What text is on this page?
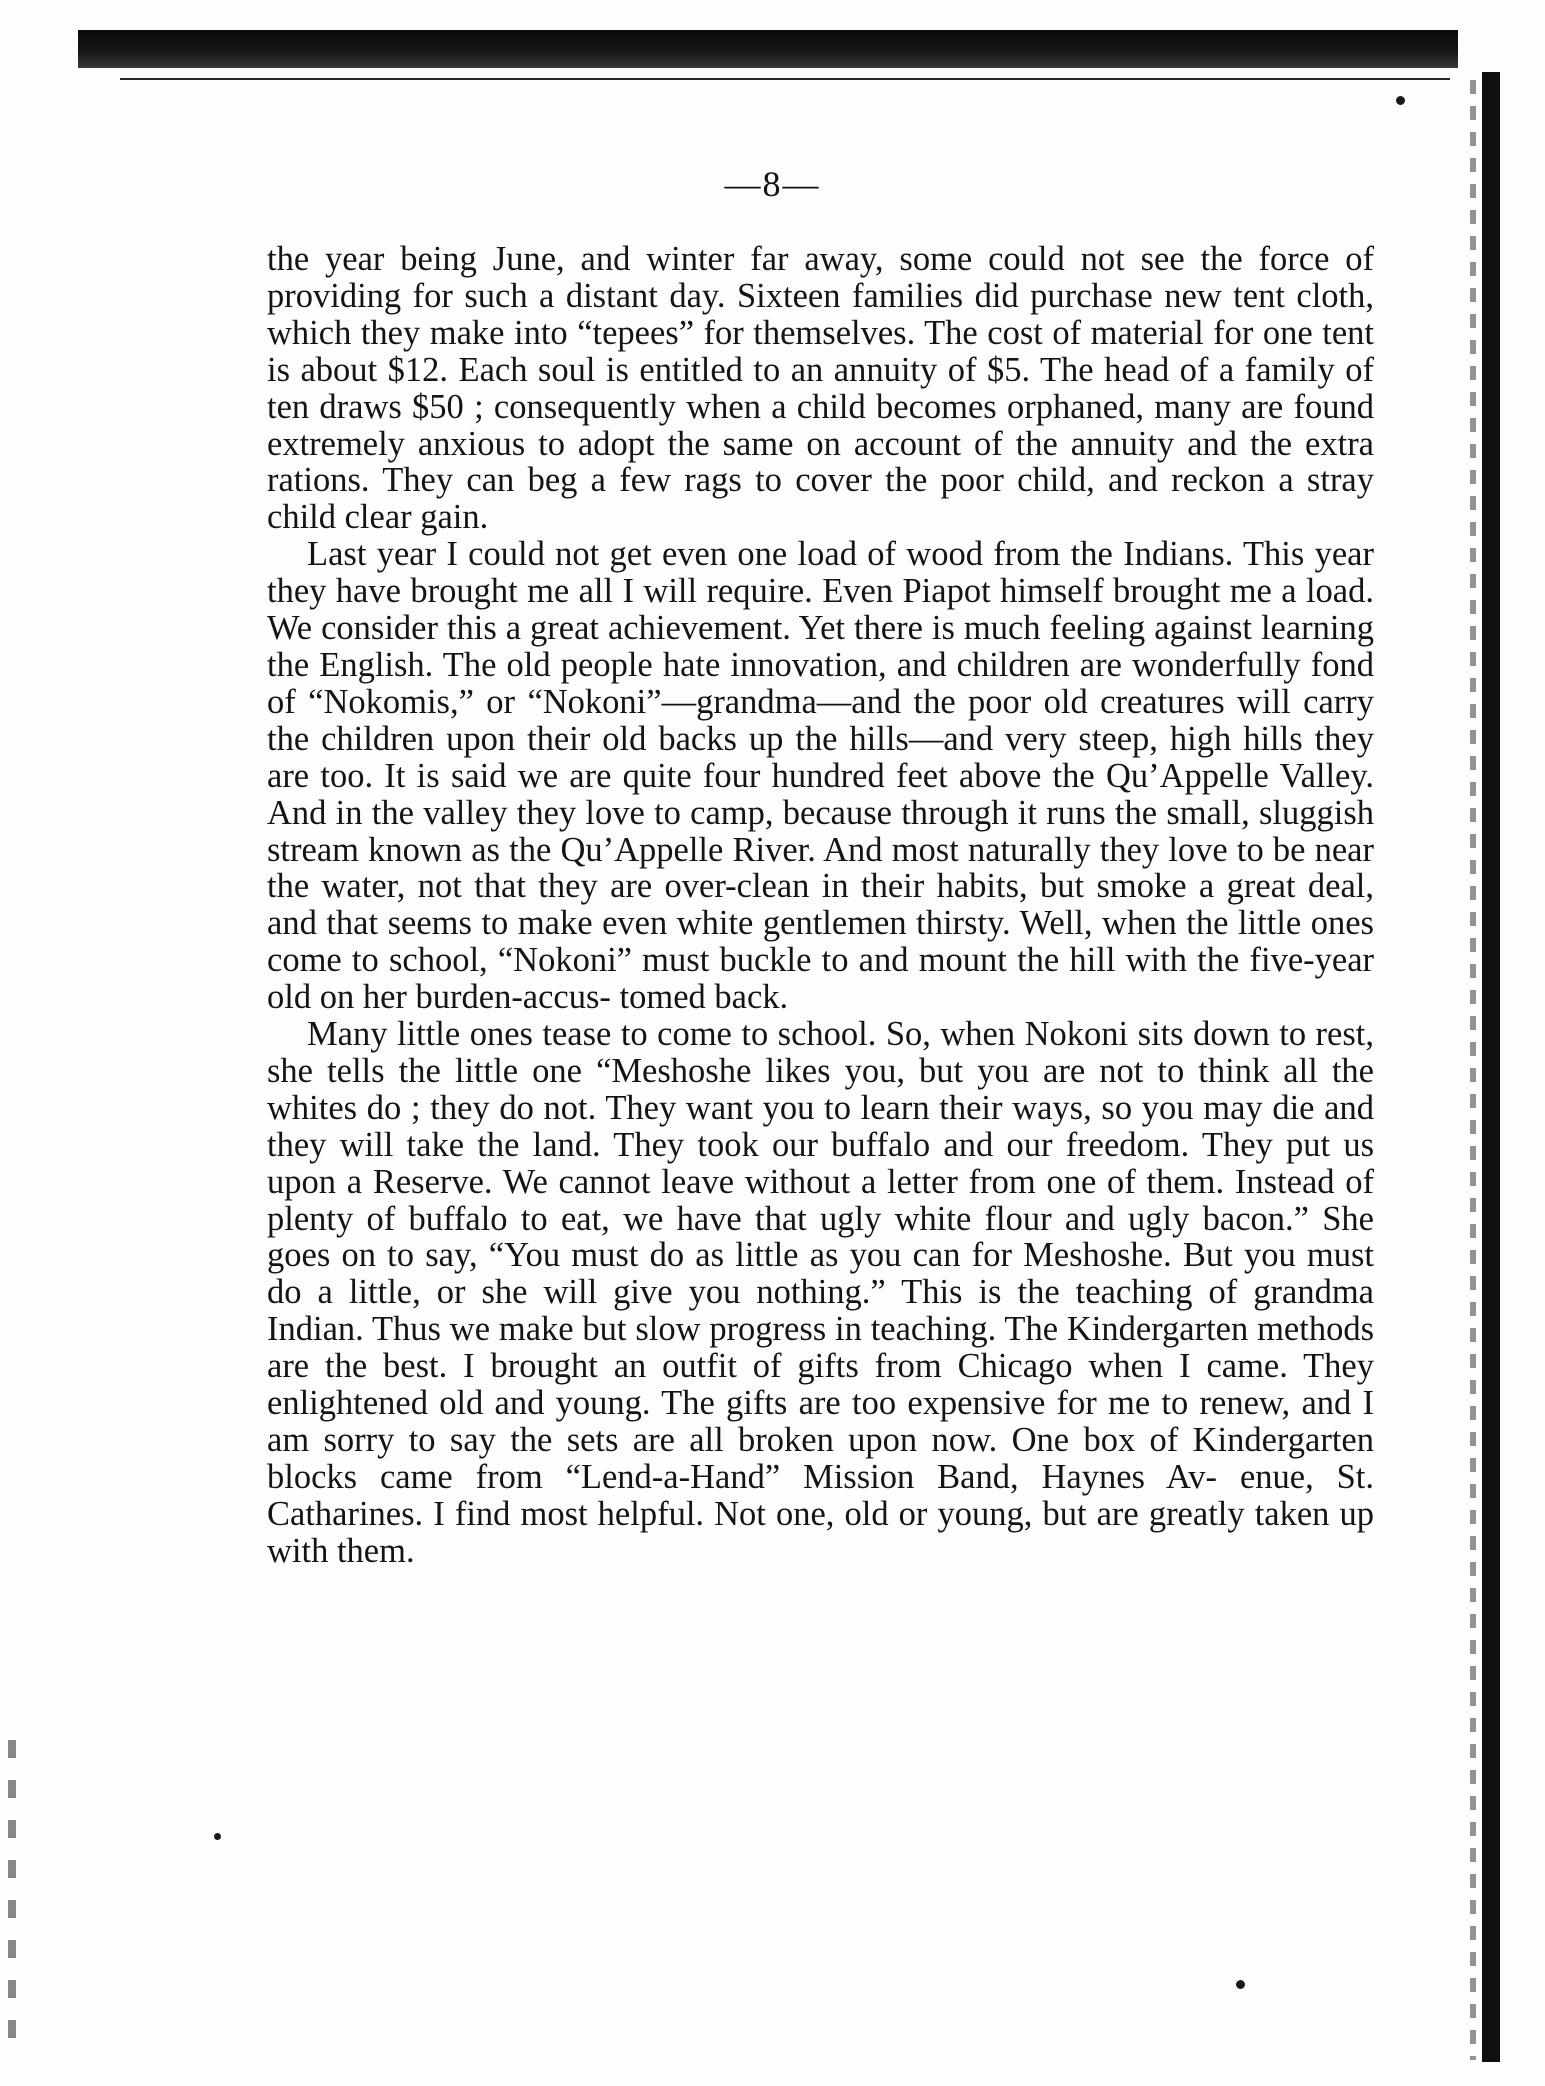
—8—

the year being June, and winter far away, some could not see the force of providing for such a distant day. Sixteen families did purchase new tent cloth, which they make into “tepees” for themselves. The cost of material for one tent is about $12. Each soul is entitled to an annuity of $5. The head of a family of ten draws $50 ; consequently when a child becomes orphaned, many are found extremely anxious to adopt the same on account of the annuity and the extra rations. They can beg a few rags to cover the poor child, and reckon a stray child clear gain.

Last year I could not get even one load of wood from the Indians. This year they have brought me all I will require. Even Piapot himself brought me a load. We consider this a great achievement. Yet there is much feeling against learning the English. The old people hate innovation, and children are wonderfully fond of “Nokomis,” or “Nokoni”—grandma—and the poor old creatures will carry the children upon their old backs up the hills—and very steep, high hills they are too. It is said we are quite four hundred feet above the Qu’Appelle Valley. And in the valley they love to camp, because through it runs the small, sluggish stream known as the Qu’Appelle River. And most naturally they love to be near the water, not that they are over-clean in their habits, but smoke a great deal, and that seems to make even white gentlemen thirsty. Well, when the little ones come to school, “Nokoni” must buckle to and mount the hill with the five-year old on her burden-accus- tomed back.

Many little ones tease to come to school. So, when Nokoni sits down to rest, she tells the little one “Meshoshe likes you, but you are not to think all the whites do ; they do not. They want you to learn their ways, so you may die and they will take the land. They took our buffalo and our freedom. They put us upon a Reserve. We cannot leave without a letter from one of them. Instead of plenty of buffalo to eat, we have that ugly white flour and ugly bacon.” She goes on to say, “You must do as little as you can for Meshoshe. But you must do a little, or she will give you nothing.” This is the teaching of grandma Indian. Thus we make but slow progress in teaching. The Kindergarten methods are the best. I brought an outfit of gifts from Chicago when I came. They enlightened old and young. The gifts are too expensive for me to renew, and I am sorry to say the sets are all broken upon now. One box of Kindergarten blocks came from “Lend-a-Hand” Mission Band, Haynes Av- enue, St. Catharines. I find most helpful. Not one, old or young, but are greatly taken up with them.
